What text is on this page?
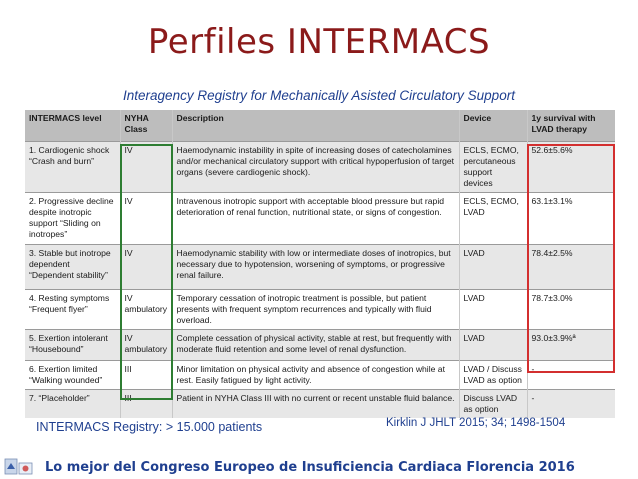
Perfiles INTERMACS
Interagency Registry for Mechanically Asisted Circulatory Support
INTERMACS level	NYHA Class	Description	Device	1y survival with LVAD therapy
1. Cardiogenic shock “Crash and burn”	IV	Haemodynamic instability in spite of increasing doses of catecholamines and/or mechanical circulatory support with critical hypoperfusion of target organs (severe cardiogenic shock).	ECLS, ECMO, percutaneous support devices	52.6±5.6%
2. Progressive decline despite inotropic support “Sliding on inotropes”	IV	Intravenous inotropic support with acceptable blood pressure but rapid deterioration of renal function, nutritional state, or signs of congestion.	ECLS, ECMO, LVAD	63.1±3.1%
3. Stable but inotrope dependent “Dependent stability”	IV	Haemodynamic stability with low or intermediate doses of inotropics, but necessary due to hypotension, worsening of symptoms, or progressive renal failure.	LVAD	78.4±2.5%
4. Resting symptoms “Frequent flyer”	IV ambulatory	Temporary cessation of inotropic treatment is possible, but patient presents with frequent symptom recurrences and typically with fluid overload.	LVAD	78.7±3.0%
5. Exertion intolerant “Housebound”	IV ambulatory	Complete cessation of physical activity, stable at rest, but frequently with moderate fluid retention and some level of renal dysfunction.	LVAD	93.0±3.9%ª
6. Exertion limited “Walking wounded”	III	Minor limitation on physical activity and absence of congestion while at rest. Easily fatigued by light activity.	LVAD / Discuss LVAD as option	-
7. “Placeholder”	III	Patient in NYHA Class III with no current or recent unstable fluid balance.	Discuss LVAD as option	-
INTERMACS Registry: > 15.000 patients	Kirklin J JHLT 2015; 34; 1498-1504
Lo mejor del Congreso Europeo de Insuficiencia Cardiaca Florencia 2016
